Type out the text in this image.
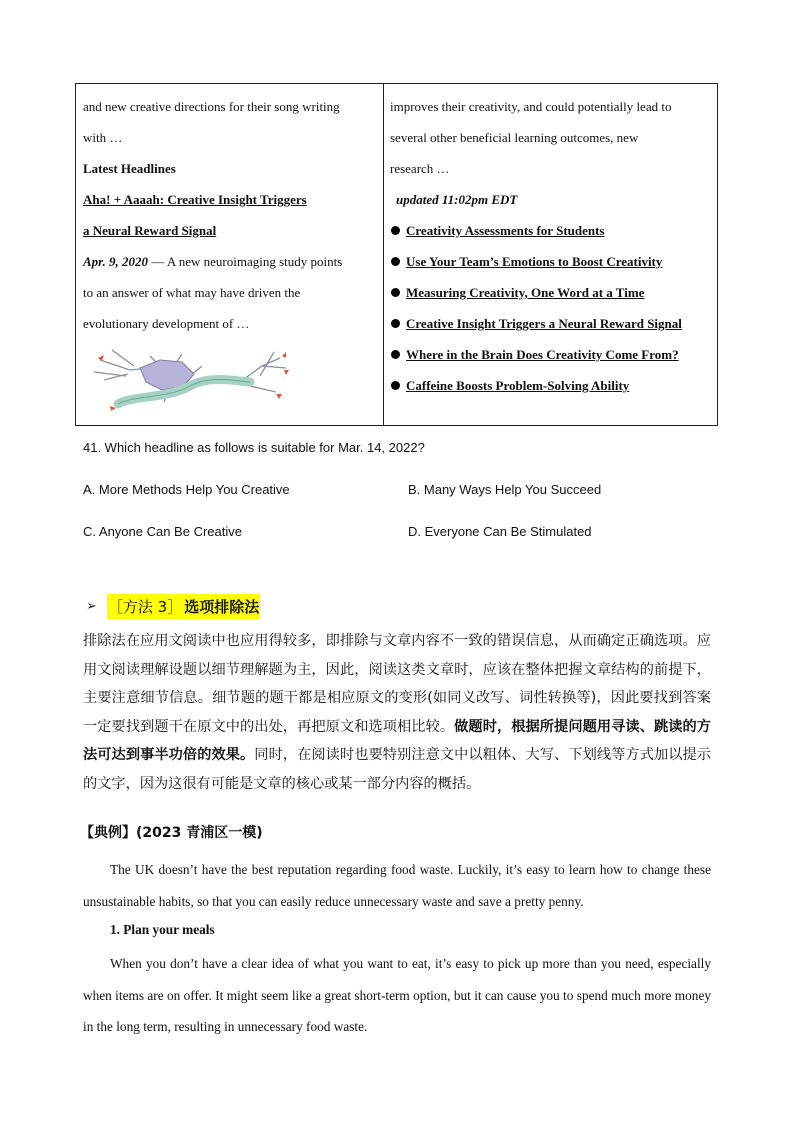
and new creative directions for their song writing
with …
Latest Headlines
Aha! + Aaaah: Creative Insight Triggers
a Neural Reward Signal
Apr. 9, 2020 — A new neuroimaging study points
to an answer of what may have driven the
evolutionary development of …
improves their creativity, and could potentially lead to
several other beneficial learning outcomes, new
research …
updated 11:02pm EDT
Creativity Assessments for Students
Use Your Team’s Emotions to Boost Creativity
Measuring Creativity, One Word at a Time
Creative Insight Triggers a Neural Reward Signal
Where in the Brain Does Creativity Come From?
Caffeine Boosts Problem-Solving Ability
41. Which headline as follows is suitable for Mar. 14, 2022?
A. More Methods Help You Creative	B. Many Ways Help You Succeed
C. Anyone Can Be Creative	D. Everyone Can Be Stimulated
➢ ［方法 3］ 选项排除法
排除法在应用文阅读中也应用得较多，即排除与文章内容不一致的错误信息，从而确定正确选项。应用文阅读理解设题以细节理解题为主，因此，阅读这类文章时，应该在整体把握文章结构的前提下，主要注意细节信息。细节题的题干都是相应原文的变形(如同义改写、词性转换等)，因此要找到答案一定要找到题干在原文中的出处，再把原文和选项相比较。做题时，根据所提问题用寻读、跳读的方法可达到事半功倍的效果。同时，在阅读时也要特别注意文中以粗体、大写、下划线等方式加以提示的文字，因为这很有可能是文章的核心或某一部分内容的概括。
【典例】(2023 青浦区一模)
The UK doesn’t have the best reputation regarding food waste. Luckily, it’s easy to learn how to change these unsustainable habits, so that you can easily reduce unnecessary waste and save a pretty penny.
1. Plan your meals
When you don’t have a clear idea of what you want to eat, it’s easy to pick up more than you need, especially when items are on offer. It might seem like a great short-term option, but it can cause you to spend much more money in the long term, resulting in unnecessary food waste.
